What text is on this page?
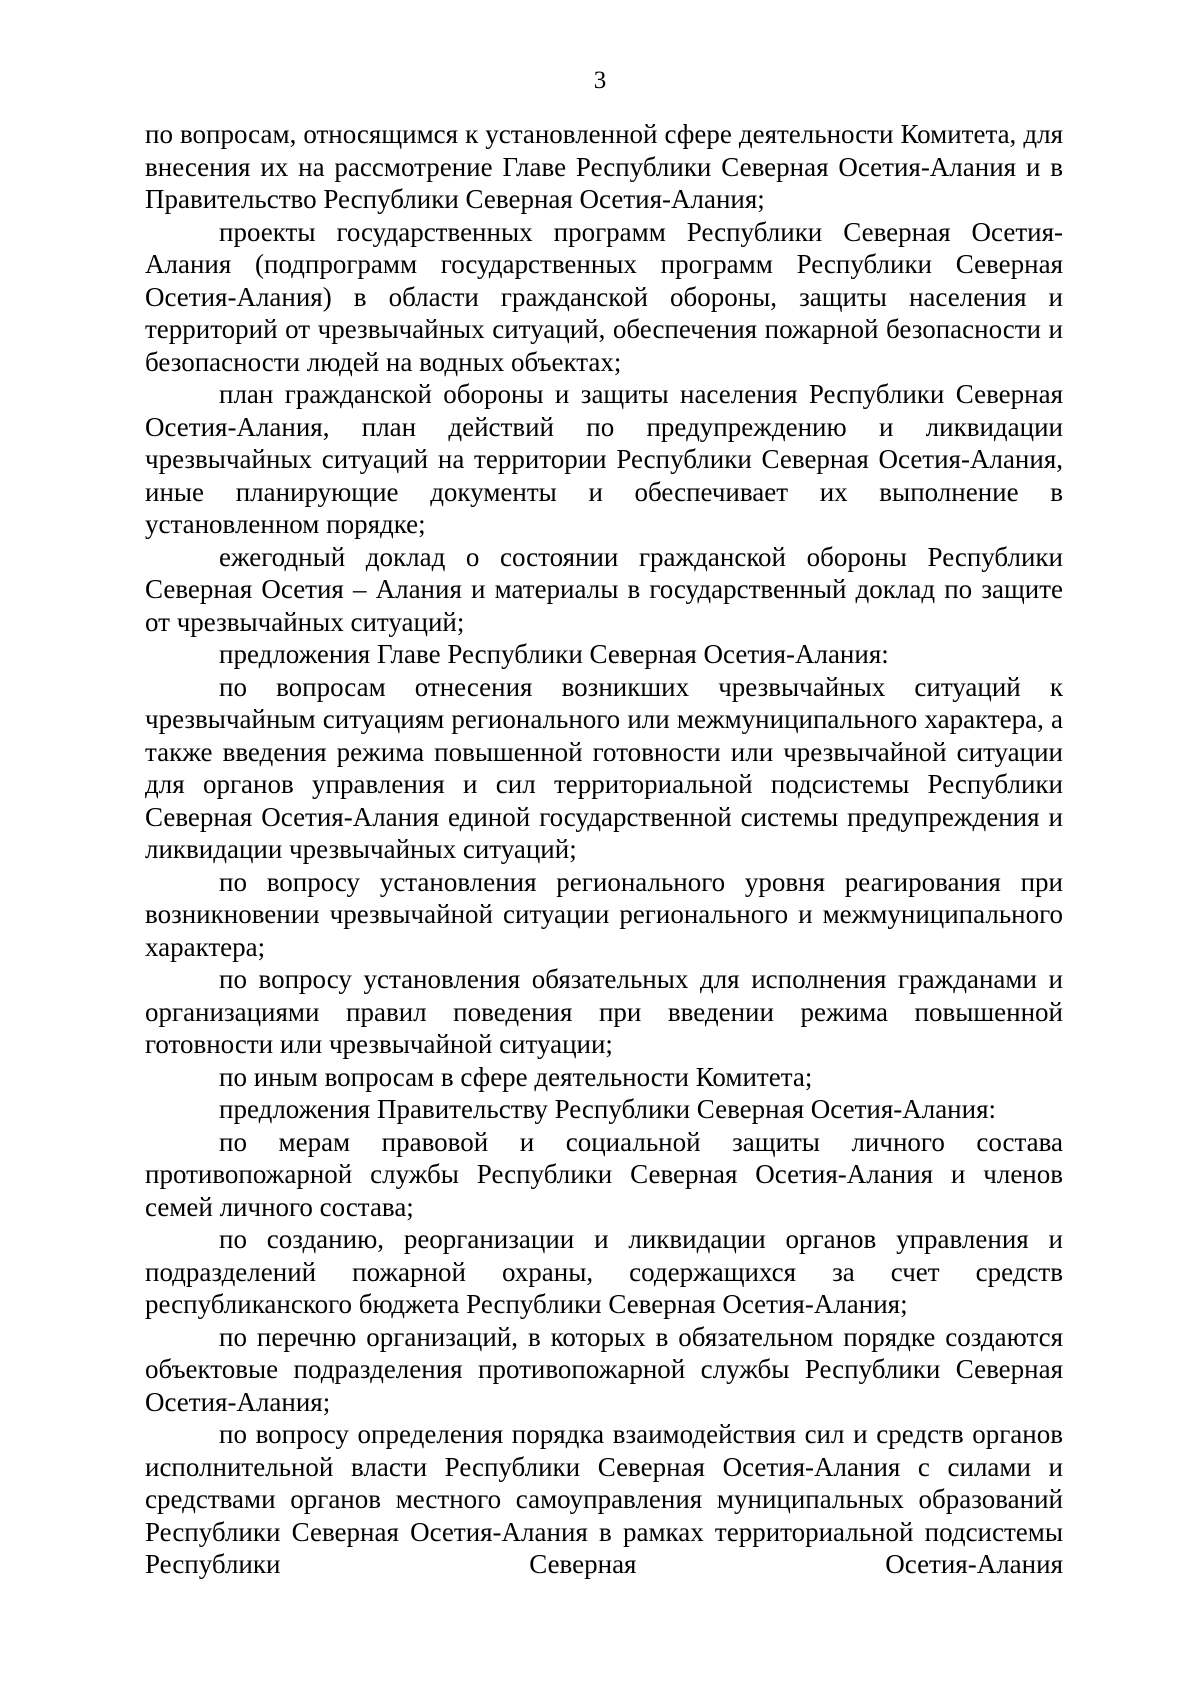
3

по вопросам, относящимся к установленной сфере деятельности Комитета, для внесения их на рассмотрение Главе Республики Северная Осетия-Алания и в Правительство Республики Северная Осетия-Алания;

проекты государственных программ Республики Северная Осетия-Алания (подпрограмм государственных программ Республики Северная Осетия-Алания) в области гражданской обороны, защиты населения и территорий от чрезвычайных ситуаций, обеспечения пожарной безопасности и безопасности людей на водных объектах;

план гражданской обороны и защиты населения Республики Северная Осетия-Алания, план действий по предупреждению и ликвидации чрезвычайных ситуаций на территории Республики Северная Осетия-Алания, иные планирующие документы и обеспечивает их выполнение в установленном порядке;

ежегодный доклад о состоянии гражданской обороны Республики Северная Осетия – Алания и материалы в государственный доклад по защите от чрезвычайных ситуаций;

предложения Главе Республики Северная Осетия-Алания:

по вопросам отнесения возникших чрезвычайных ситуаций к чрезвычайным ситуациям регионального или межмуниципального характера, а также введения режима повышенной готовности или чрезвычайной ситуации для органов управления и сил территориальной подсистемы Республики Северная Осетия-Алания единой государственной системы предупреждения и ликвидации чрезвычайных ситуаций;

по вопросу установления регионального уровня реагирования при возникновении чрезвычайной ситуации регионального и межмуниципального характера;

по вопросу установления обязательных для исполнения гражданами и организациями правил поведения при введении режима повышенной готовности или чрезвычайной ситуации;

по иным вопросам в сфере деятельности Комитета;

предложения Правительству Республики Северная Осетия-Алания:

по мерам правовой и социальной защиты личного состава противопожарной службы Республики Северная Осетия-Алания и членов семей личного состава;

по созданию, реорганизации и ликвидации органов управления и подразделений пожарной охраны, содержащихся за счет средств республиканского бюджета Республики Северная Осетия-Алания;

по перечню организаций, в которых в обязательном порядке создаются объектовые подразделения противопожарной службы Республики Северная Осетия-Алания;

по вопросу определения порядка взаимодействия сил и средств органов исполнительной власти Республики Северная Осетия-Алания с силами и средствами органов местного самоуправления муниципальных образований Республики Северная Осетия-Алания в рамках территориальной подсистемы Республики Северная Осетия-Алания
